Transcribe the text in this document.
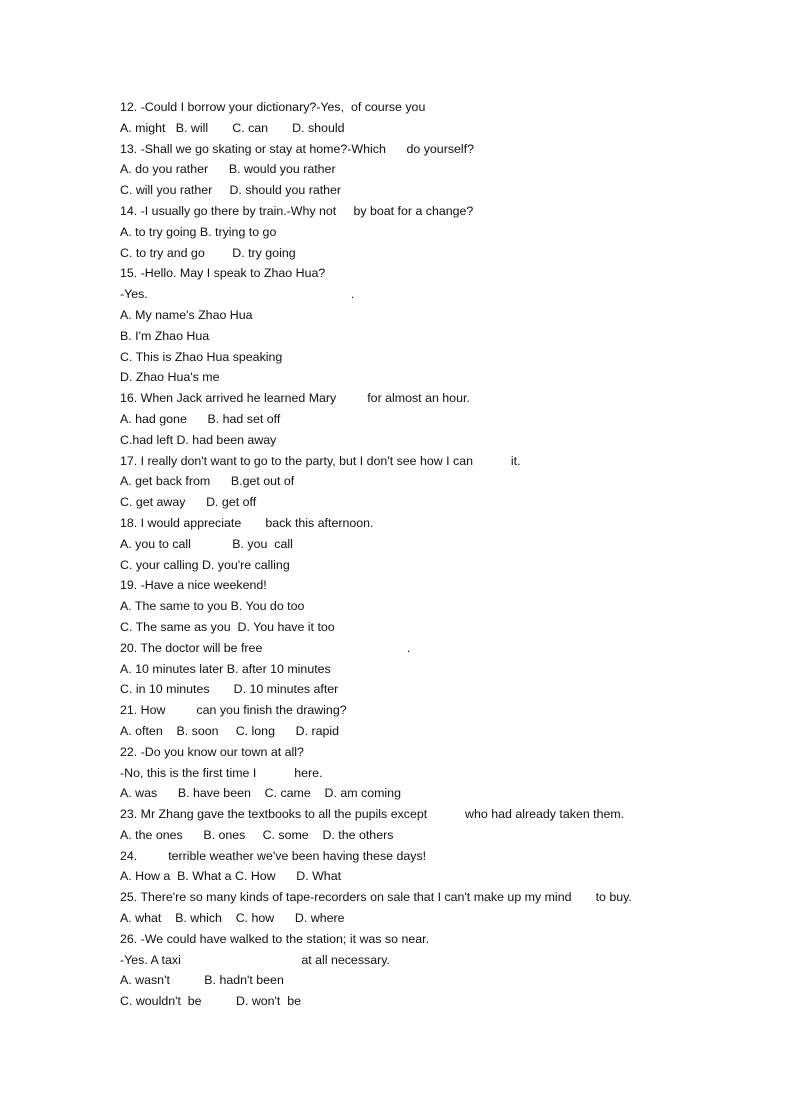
12. -Could I borrow your dictionary?-Yes,  of course you
A. might   B. will       C. can       D. should
13. -Shall we go skating or stay at home?-Which      do yourself?
A. do you rather      B. would you rather
C. will you rather     D. should you rather
14. -I usually go there by train.-Why not     by boat for a change?
A. to try going B. trying to go
C. to try and go        D. try going
15. -Hello. May I speak to Zhao Hua?
-Yes.                                                           .
A. My name's Zhao Hua
B. I'm Zhao Hua
C. This is Zhao Hua speaking
D. Zhao Hua's me
16. When Jack arrived he learned Mary         for almost an hour.
A. had gone      B. had set off
C.had left D. had been away
17. I really don't want to go to the party, but I don't see how I can           it.
A. get back from      B.get out of
C. get away      D. get off
18. I would appreciate       back this afternoon.
A. you to call            B. you  call
C. your calling D. you're calling
19. -Have a nice weekend!
A. The same to you B. You do too
C. The same as you  D. You have it too
20. The doctor will be free                                          .
A. 10 minutes later B. after 10 minutes
C. in 10 minutes       D. 10 minutes after
21. How         can you finish the drawing?
A. often    B. soon     C. long      D. rapid
22. -Do you know our town at all?
-No, this is the first time I           here.
A. was      B. have been    C. came    D. am coming
23. Mr Zhang gave the textbooks to all the pupils except           who had already taken them.
A. the ones      B. ones     C. some    D. the others
24.         terrible weather we've been having these days!
A. How a  B. What a C. How      D. What
25. There're so many kinds of tape-recorders on sale that I can't make up my mind       to buy.
A. what    B. which    C. how      D. where
26. -We could have walked to the station; it was so near.
-Yes. A taxi                                   at all necessary.
A. wasn't          B. hadn't been
C. wouldn't  be          D. won't  be
